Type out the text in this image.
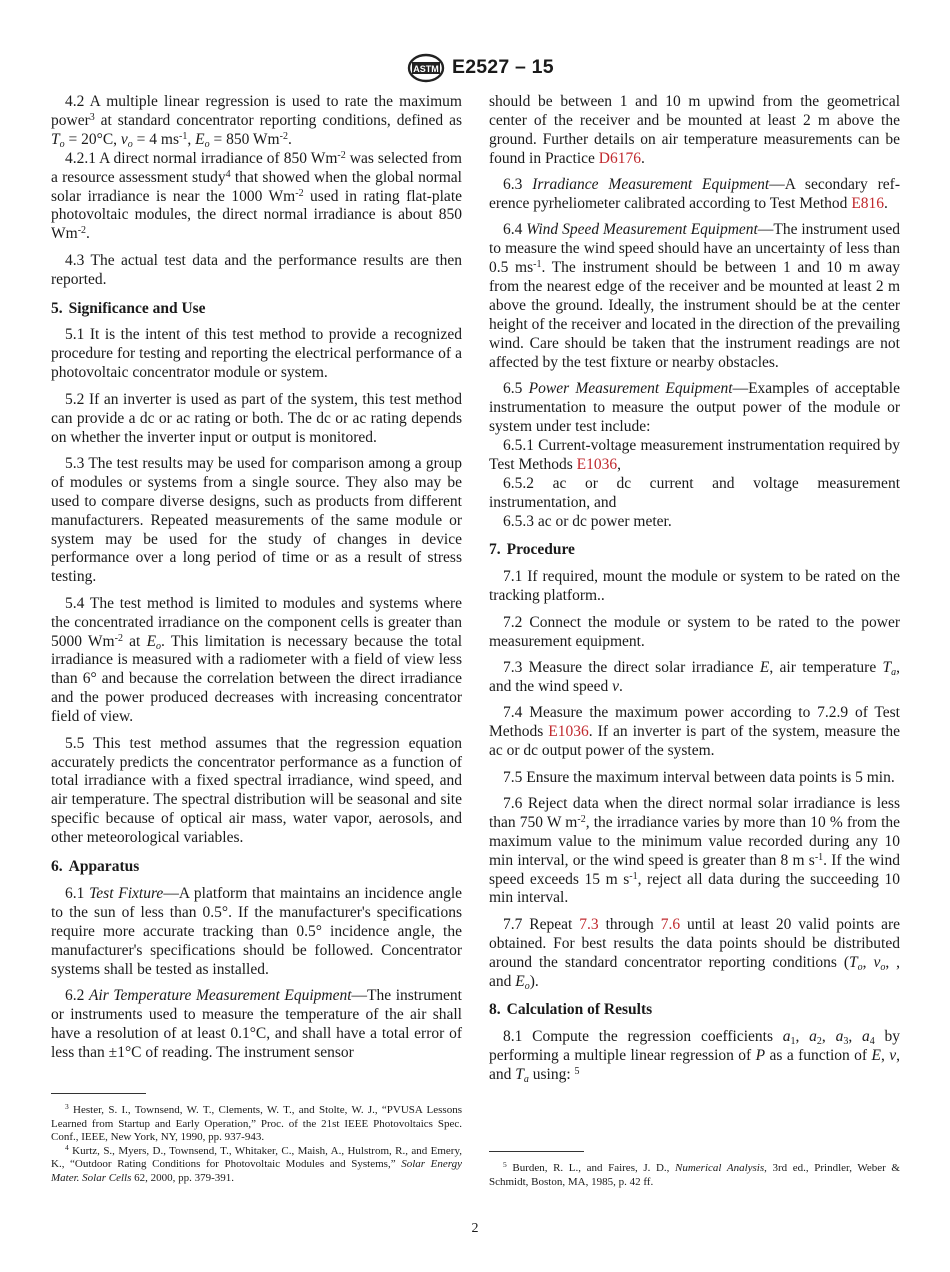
ASTM E2527 – 15

4.2 A multiple linear regression is used to rate the maximum power$^3$ at standard concentrator reporting conditions, defined as $T_o = 20^\circ C$, $v_o = 4$ $ms^{-1}$, $E_o = 850$ $Wm^{-2}$.

4.2.1 A direct normal irradiance of 850 $Wm^{-2}$ was selected from a resource assessment study$^4$ that showed when the global normal solar irradiance is near the 1000 $Wm^{-2}$ used in rating flat-plate photovoltaic modules, the direct normal irradiance is about 850 $Wm^{-2}$.

4.3 The actual test data and the performance results are then reported.

5. Significance and Use

5.1 It is the intent of this test method to provide a recognized procedure for testing and reporting the electrical performance of a photovoltaic concentrator module or system.

5.2 If an inverter is used as part of the system, this test method can provide a dc or ac rating or both. The dc or ac rating depends on whether the inverter input or output is monitored.

5.3 The test results may be used for comparison among a group of modules or systems from a single source. They also may be used to compare diverse designs, such as products from different manufacturers. Repeated measurements of the same module or system may be used for the study of changes in device performance over a long period of time or as a result of stress testing.

5.4 The test method is limited to modules and systems where the concentrated irradiance on the component cells is greater than 5000 $Wm^{-2}$ at $E_o$. This limitation is necessary because the total irradiance is measured with a radiometer with a field of view less than 6° and because the correlation between the direct irradiance and the power produced decreases with increasing concentrator field of view.

5.5 This test method assumes that the regression equation accurately predicts the concentrator performance as a function of total irradiance with a fixed spectral irradiance, wind speed, and air temperature. The spectral distribution will be seasonal and site specific because of optical air mass, water vapor, aerosols, and other meteorological variables.

6. Apparatus

6.1 Test Fixture—A platform that maintains an incidence angle to the sun of less than 0.5°. If the manufacturer's specifications require more accurate tracking than 0.5° incidence angle, the manufacturer's specifications should be followed. Concentrator systems shall be tested as installed.

6.2 Air Temperature Measurement Equipment—The instrument or instruments used to measure the temperature of the air shall have a resolution of at least 0.1°C, and shall have a total error of less than ±1°C of reading. The instrument sensor

$^3$ Hester, S. I., Townsend, W. T., Clements, W. T., and Stolte, W. J., “PVUSA Lessons Learned from Startup and Early Operation,” Proc. of the 21st IEEE Photovoltaics Spec. Conf., IEEE, New York, NY, 1990, pp. 937-943.

$^4$ Kurtz, S., Myers, D., Townsend, T., Whitaker, C., Maish, A., Hulstrom, R., and Emery, K., “Outdoor Rating Conditions for Photovoltaic Modules and Systems,” Solar Energy Mater. Solar Cells 62, 2000, pp. 379-391.

should be between 1 and 10 m upwind from the geometrical center of the receiver and be mounted at least 2 m above the ground. Further details on air temperature measurements can be found in Practice D6176.

6.3 Irradiance Measurement Equipment—A secondary reference pyrheliometer calibrated according to Test Method E816.

6.4 Wind Speed Measurement Equipment—The instrument used to measure the wind speed should have an uncertainty of less than 0.5 $ms^{-1}$. The instrument should be between 1 and 10 m away from the nearest edge of the receiver and be mounted at least 2 m above the ground. Ideally, the instrument should be at the center height of the receiver and located in the direction of the prevailing wind. Care should be taken that the instrument readings are not affected by the test fixture or nearby obstacles.

6.5 Power Measurement Equipment—Examples of acceptable instrumentation to measure the output power of the module or system under test include:

6.5.1 Current-voltage measurement instrumentation required by Test Methods E1036,

6.5.2 ac or dc current and voltage measurement instrumentation, and

6.5.3 ac or dc power meter.

7. Procedure

7.1 If required, mount the module or system to be rated on the tracking platform..

7.2 Connect the module or system to be rated to the power measurement equipment.

7.3 Measure the direct solar irradiance E, air temperature $T_a$, and the wind speed v.

7.4 Measure the maximum power according to 7.2.9 of Test Methods E1036. If an inverter is part of the system, measure the ac or dc output power of the system.

7.5 Ensure the maximum interval between data points is 5 min.

7.6 Reject data when the direct normal solar irradiance is less than 750 W $m^{-2}$, the irradiance varies by more than 10 % from the maximum value to the minimum value recorded during any 10 min interval, or the wind speed is greater than 8 m $s^{-1}$. If the wind speed exceeds 15 m $s^{-1}$, reject all data during the succeeding 10 min interval.

7.7 Repeat 7.3 through 7.6 until at least 20 valid points are obtained. For best results the data points should be distributed around the standard concentrator reporting conditions ($T_o$, $v_o$, , and $E_o$).

8. Calculation of Results

8.1 Compute the regression coefficients $a_1$, $a_2$, $a_3$, $a_4$ by performing a multiple linear regression of P as a function of E, v, and $T_a$ using: $^5$

$^5$ Burden, R. L., and Faires, J. D., Numerical Analysis, 3rd ed., Prindler, Weber & Schmidt, Boston, MA, 1985, p. 42 ff.

2
